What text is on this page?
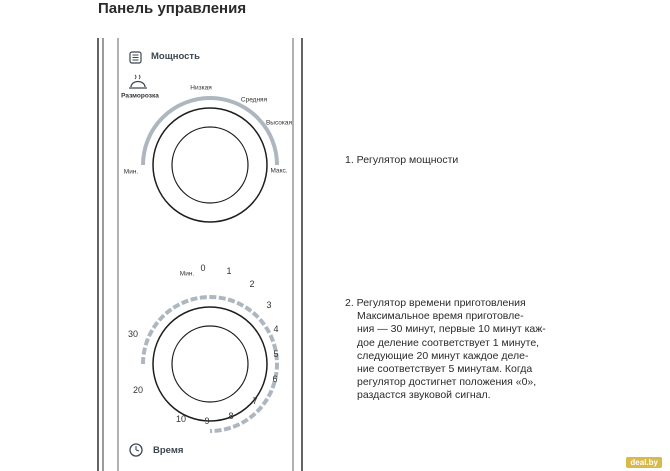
Панель управления
Мощность
Разморозка
Мин.
Низкая
Средняя
Высокая
Макс.
Мин.
0 1
2
3
4
5
6
7
8
9
10
20
30
Время
1. Регулятор мощности
2. Регулятор времени приготовления
Максимальное время приготовле-
ния — 30 минут, первые 10 минут каж-
дое деление соответствует 1 минуте,
следующие 20 минут каждое деле-
ние соответствует 5 минутам. Когда
регулятор достигнет положения «0»,
раздастся звуковой сигнал.
deal.by
